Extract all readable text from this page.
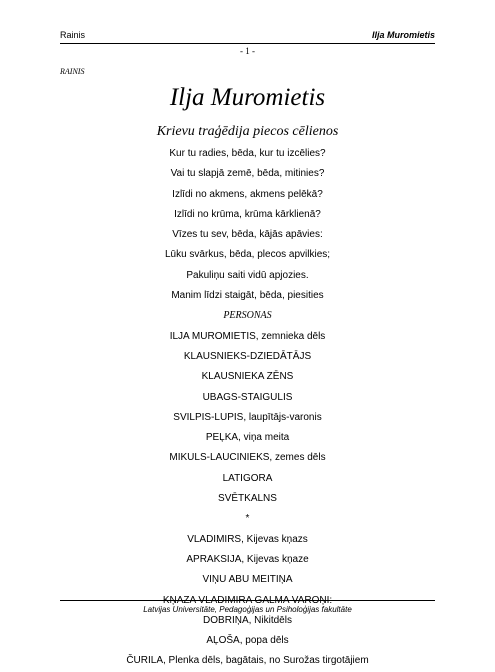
Rainis	Ilja Muromietis
- 1 -
RAINIS
Ilja Muromietis
Krievu traģēdija piecos cēlienos
Kur tu radies, bēda, kur tu izcēlies?
Vai tu slapjā zemē, bēda, mitinies?
Izlīdi no akmens, akmens pelēkā?
Izlīdi no krūma, krūma kārklienā?
Vīzes tu sev, bēda, kājās apāvies:
Lūku svārkus, bēda, plecos apvilkies;
Pakuliņu saiti vidū apjozies.
Manim līdzi staigāt, bēda, piesities
PERSONAS
ILJA MUROMIETIS, zemnieka dēls
KLAUSNIEKS-DZIEDĀTĀJS
KLAUSNIEKA ZĒNS
UBAGS-STAIGULIS
SVILPIS-LUPIS, laupītājs-varonis
PEĻKA, viņa meita
MIKULS-LAUCINIEKS, zemes dēls
LATIGORA
SVĒTKALNS
*
VLADIMIRS, Kijevas kņazs
APRAKSIJA, Kijevas kņaze
VIŅU ABU MEITIŅA
KŅAZA VLADIMIRA GALMA VAROŅI:
DOBRIŅA, Nikitdēls
AĻOŠA, popa dēls
ČURILA, Plenka dēls, bagātais, no Surožas tirgotājiem
Latvijas Universitāte, Pedagoģijas un Psiholoģijas fakultāte
